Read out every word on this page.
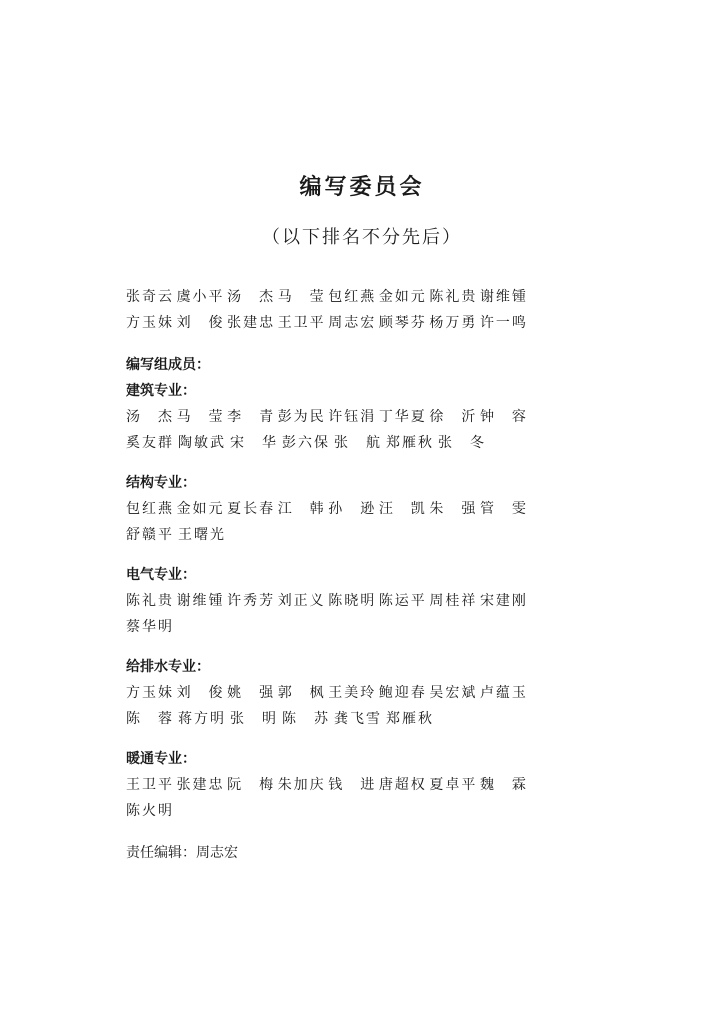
编写委员会
（以下排名不分先后）
张奇云 虞小平 汤　杰 马　莹 包红燕 金如元 陈礼贵 谢维锺
方玉妹 刘　俊 张建忠 王卫平 周志宏 顾琴芬 杨万勇 许一鸣
编写组成员：
建筑专业：
汤　杰 马　莹 李　青 彭为民 许钰涓 丁华夏 徐　沂 钟　容
奚友群 陶敏武 宋　华 彭六保 张　航 郑雁秋 张　冬
结构专业：
包红燕 金如元 夏长春 江　韩 孙　逊 汪　凯 朱　强 管　雯
舒赣平 王曙光
电气专业：
陈礼贵 谢维锺 许秀芳 刘正义 陈晓明 陈运平 周桂祥 宋建刚
蔡华明
给排水专业：
方玉妹 刘　俊 姚　强 郭　枫 王美玲 鲍迎春 吴宏斌 卢蕴玉
陈　蓉 蒋方明 张　明 陈　苏 龚飞雪 郑雁秋
暖通专业：
王卫平 张建忠 阮　梅 朱加庆 钱　进 唐超权 夏卓平 魏　霖
陈火明
责任编辑：周志宏
